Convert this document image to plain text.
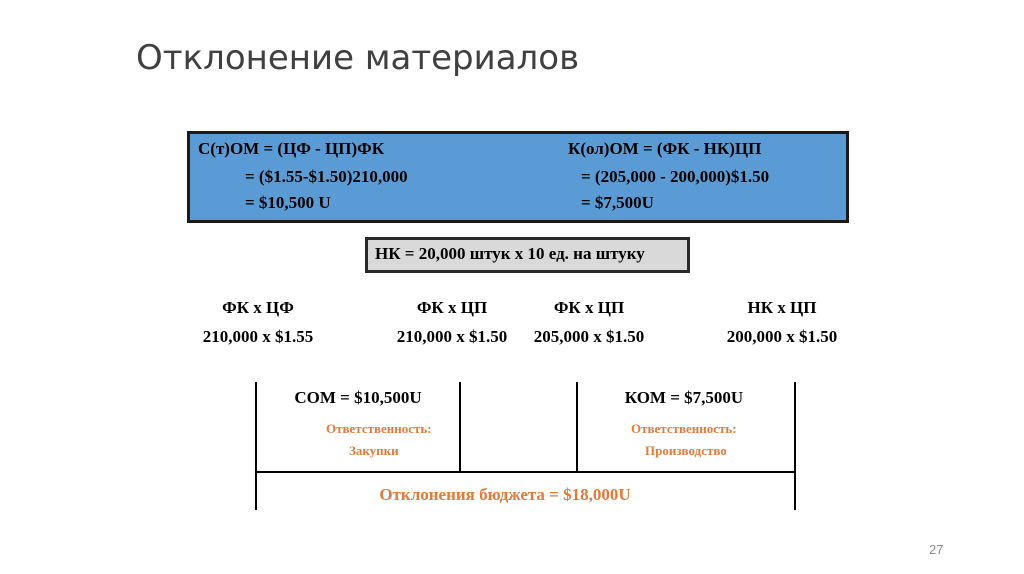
Отклонение материалов
С(т)ОМ = (ЦФ - ЦП)ФК
= ($1.55-$1.50)210,000
= $10,500 U
К(ол)ОМ = (ФК - НК)ЦП
= (205,000 - 200,000)$1.50
= $7,500U
НК = 20,000 штук х 10 ед. на штуку
ФК х ЦФ	ФК х ЦП	ФК х ЦП	НК х ЦП
210,000 х $1.55	210,000 х $1.50	205,000 х $1.50	200,000 х $1.50
СОМ = $10,500U
Ответственность:
Закупки
КОМ = $7,500U
Ответственность:
Производство
Отклонения бюджета = $18,000U
27
